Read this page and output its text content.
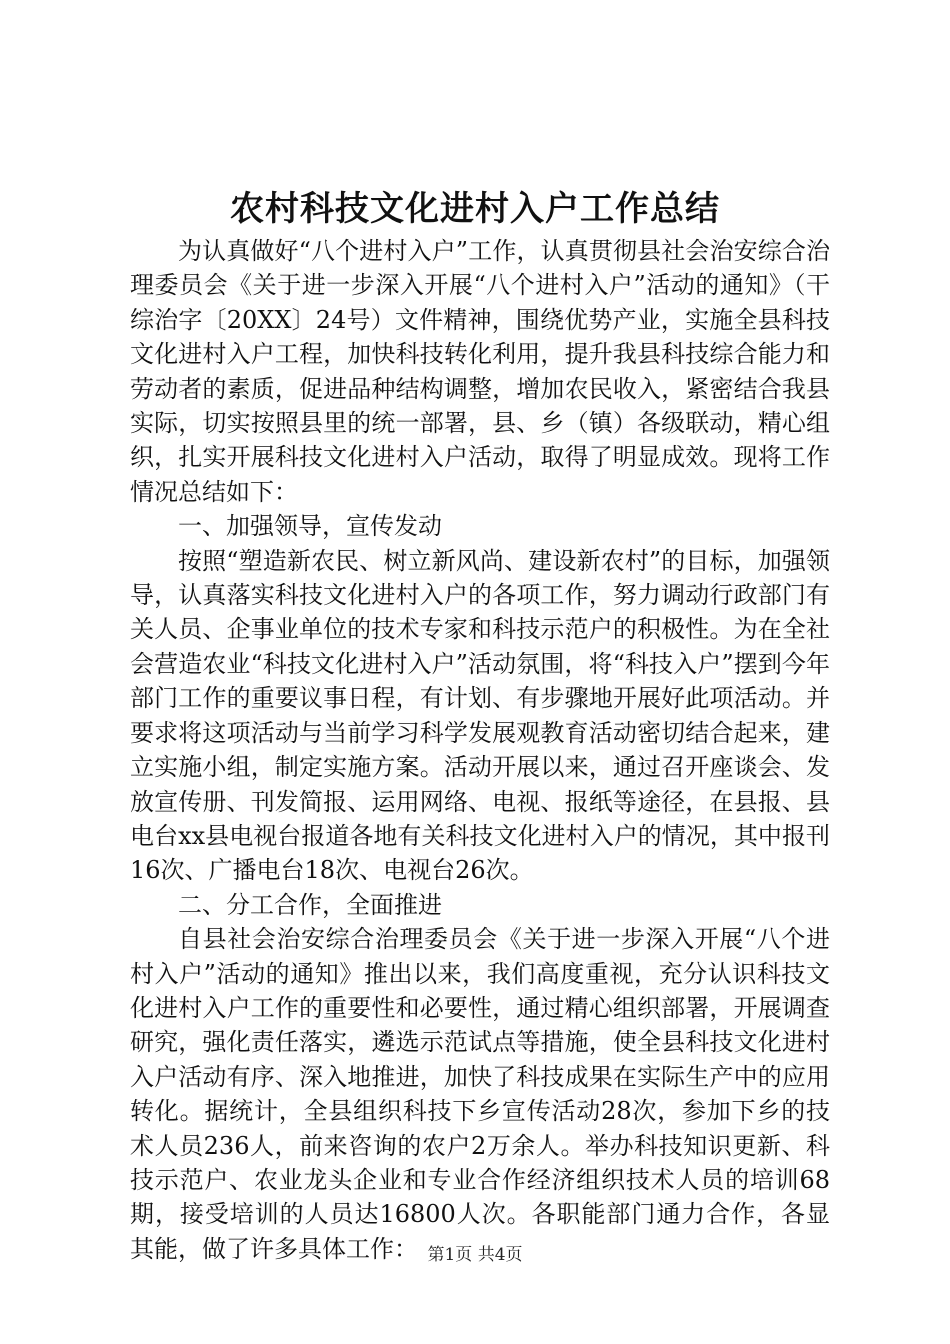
农村科技文化进村入户工作总结

为认真做好“八个进村入户”工作，认真贯彻县社会治安综合治理委员会《关于进一步深入开展“八个进村入户”活动的通知》（干综治字〔20XX〕24号）文件精神，围绕优势产业，实施全县科技文化进村入户工程，加快科技转化利用，提升我县科技综合能力和劳动者的素质，促进品种结构调整，增加农民收入，紧密结合我县实际，切实按照县里的统一部署，县、乡（镇）各级联动，精心组织，扎实开展科技文化进村入户活动，取得了明显成效。现将工作情况总结如下：

一、加强领导，宣传发动

按照“塑造新农民、树立新风尚、建设新农村”的目标，加强领导，认真落实科技文化进村入户的各项工作，努力调动行政部门有关人员、企事业单位的技术专家和科技示范户的积极性。为在全社会营造农业“科技文化进村入户”活动氛围，将“科技入户”摆到今年部门工作的重要议事日程，有计划、有步骤地开展好此项活动。并要求将这项活动与当前学习科学发展观教育活动密切结合起来，建立实施小组，制定实施方案。活动开展以来，通过召开座谈会、发放宣传册、刊发简报、运用网络、电视、报纸等途径，在县报、县电台xx县电视台报道各地有关科技文化进村入户的情况，其中报刊16次、广播电台18次、电视台26次。

二、分工合作，全面推进

自县社会治安综合治理委员会《关于进一步深入开展“八个进村入户”活动的通知》推出以来，我们高度重视，充分认识科技文化进村入户工作的重要性和必要性，通过精心组织部署，开展调查研究，强化责任落实，遴选示范试点等措施，使全县科技文化进村入户活动有序、深入地推进，加快了科技成果在实际生产中的应用转化。据统计，全县组织科技下乡宣传活动28次，参加下乡的技术人员236人，前来咨询的农户2万余人。举办科技知识更新、科技示范户、农业龙头企业和专业合作经济组织技术人员的培训68期，接受培训的人员达16800人次。各职能部门通力合作，各显其能，做了许多具体工作： 第1页 共4页
